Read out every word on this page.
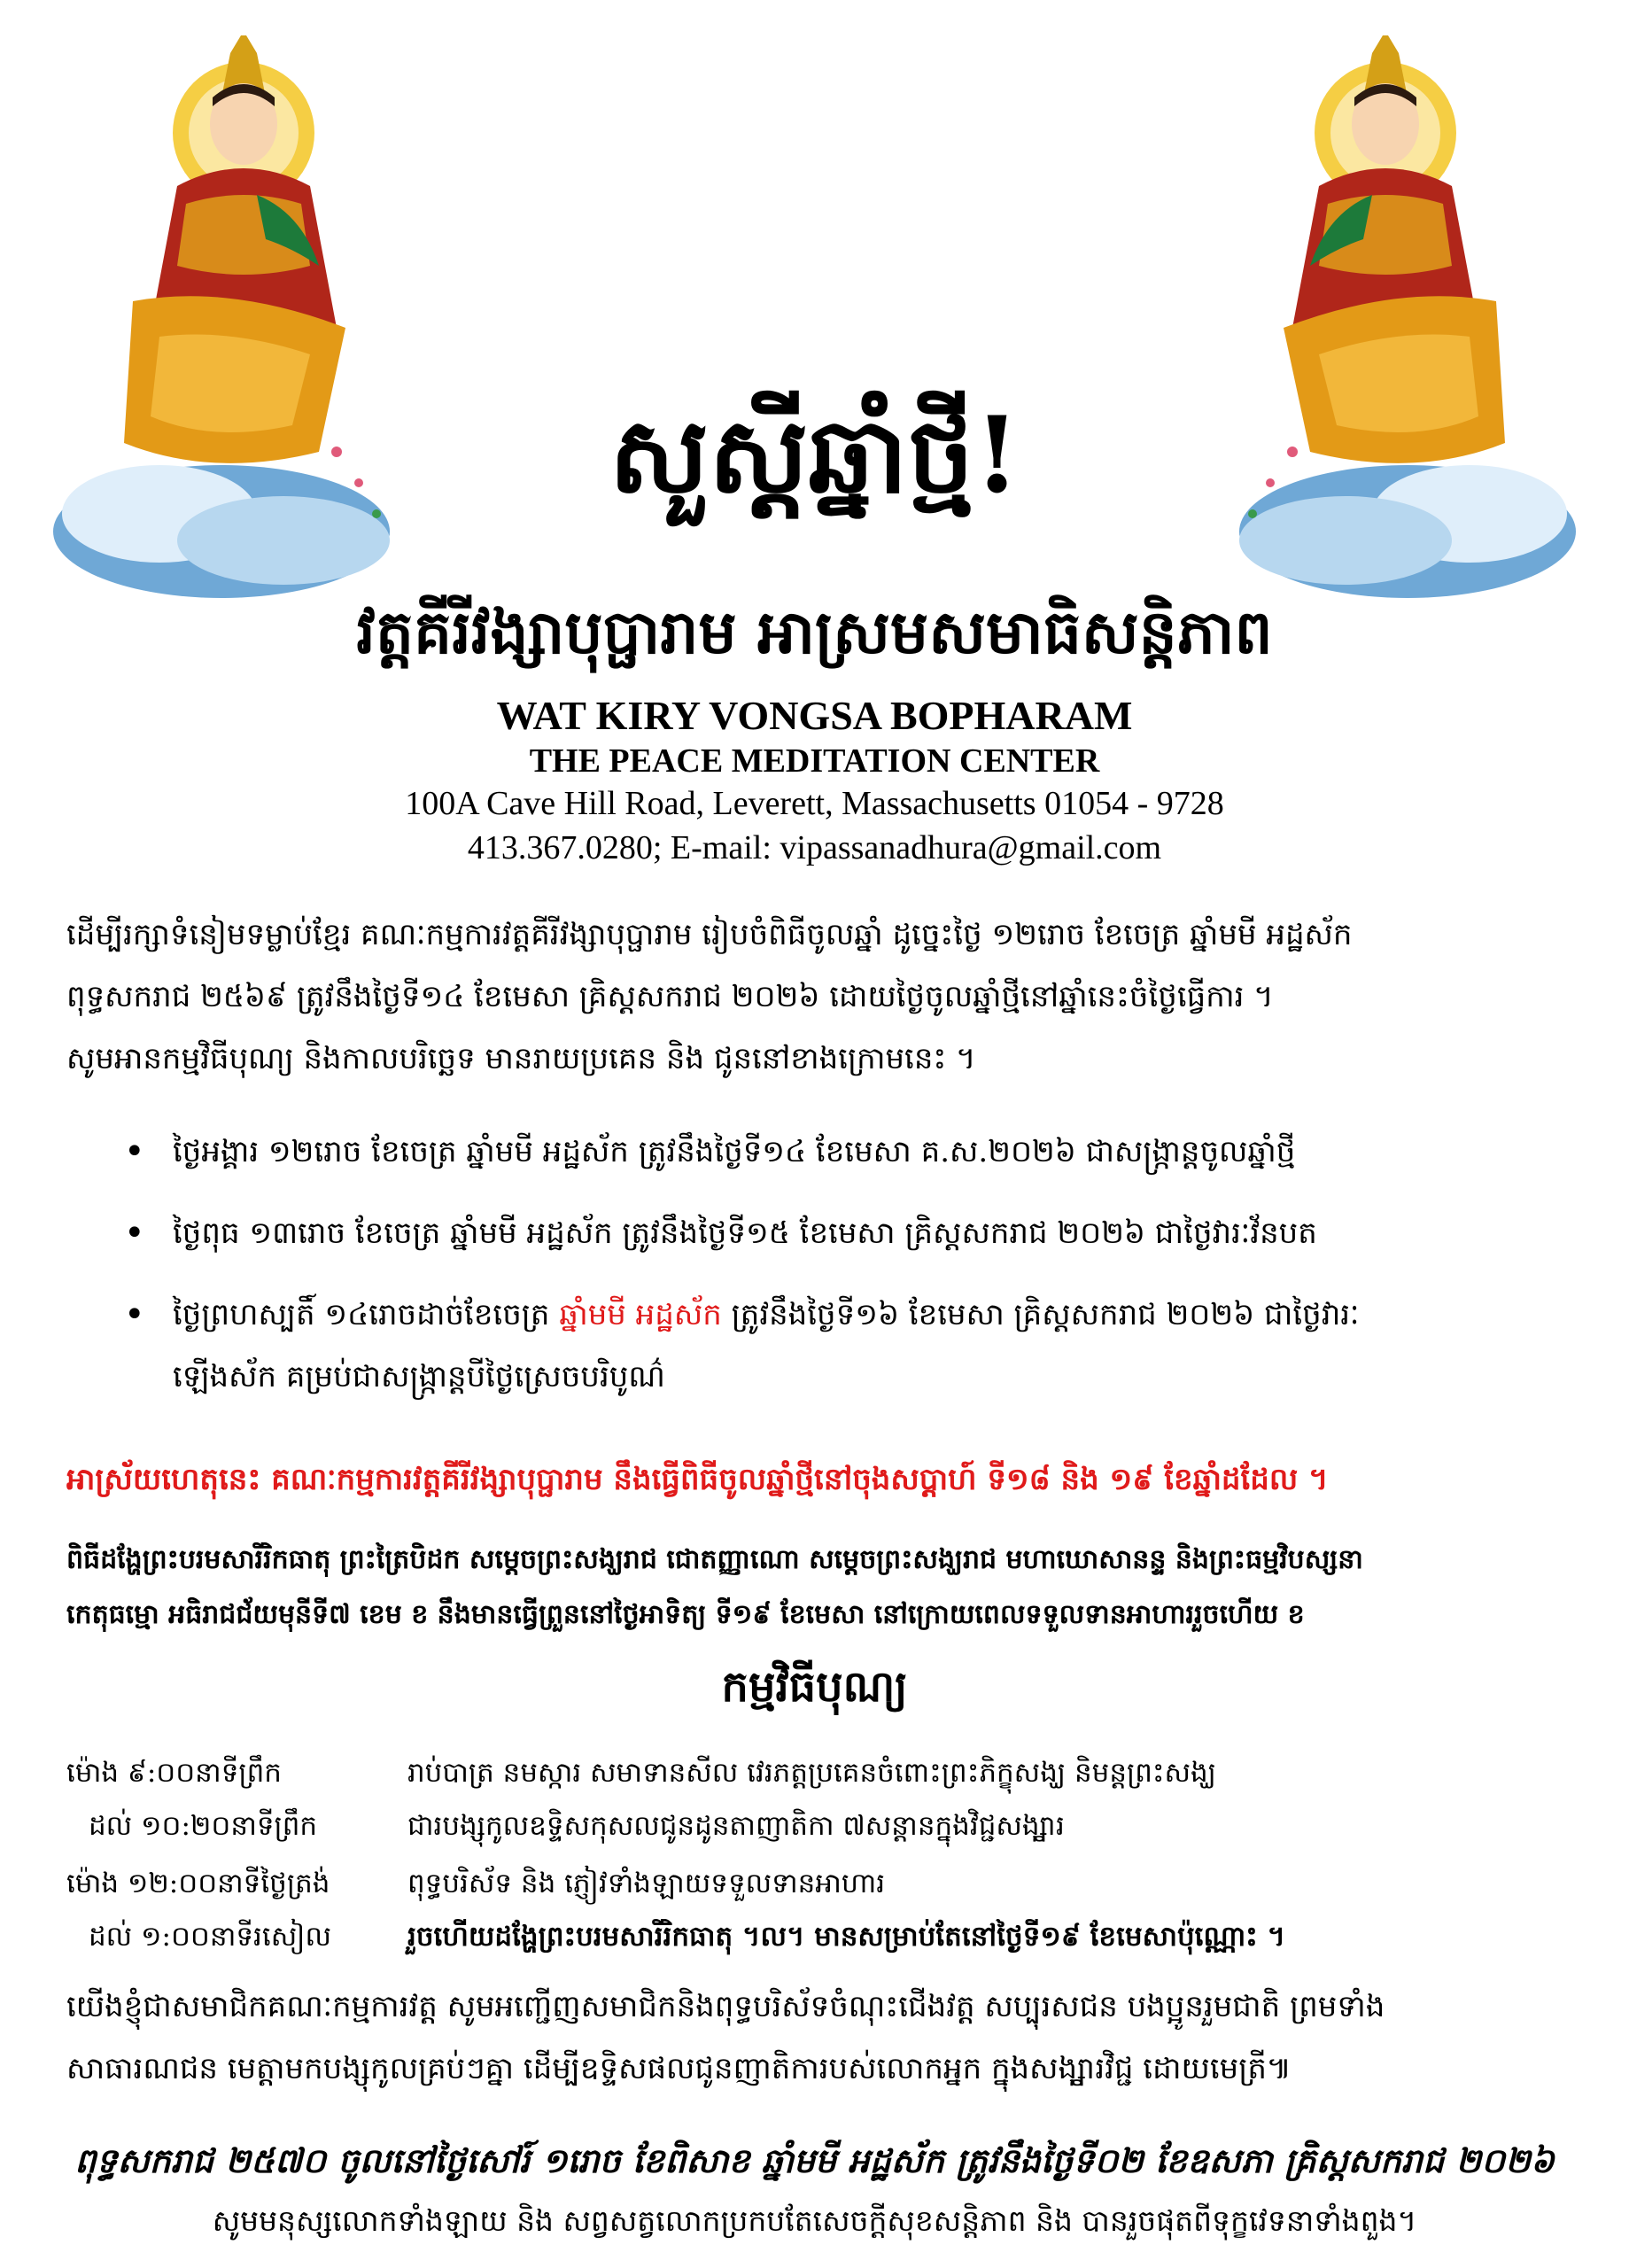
សួស្តីឆ្នាំថ្មី!
វត្តគីរីវង្សាបុប្ផារាម អាស្រមសមាធិសន្តិភាព
WAT KIRY VONGSA BOPHARAM
THE PEACE MEDITATION CENTER
100A Cave Hill Road, Leverett, Massachusetts 01054 - 9728
413.367.0280; E-mail: vipassanadhura@gmail.com
ដើម្បីរក្សាទំនៀមទម្លាប់ខ្មែរ គណៈកម្មការវត្តគីរីវង្សាបុប្ផារាម រៀបចំពិធីចូលឆ្នាំ ដូច្នេះថ្ងៃ ១២រោច ខែចេត្រ ឆ្នាំមមី អដ្ឋស័ក
ពុទ្ធសករាជ ២៥៦៩ ត្រូវនឹងថ្ងៃទី១៤ ខែមេសា គ្រិស្តសករាជ ២០២៦ ដោយថ្ងៃចូលឆ្នាំថ្មីនៅឆ្នាំនេះចំថ្ងៃធ្វើការ ។
សូមអានកម្មវិធីបុណ្យ និងកាលបរិច្ឆេទ មានរាយប្រគេន និង ជូននៅខាងក្រោមនេះ ។
• ថ្ងៃអង្គារ ១២រោច ខែចេត្រ ឆ្នាំមមី អដ្ឋស័ក ត្រូវនឹងថ្ងៃទី១៤ ខែមេសា គ.ស.២០២៦ ជាសង្ក្រាន្តចូលឆ្នាំថ្មី
• ថ្ងៃពុធ ១៣រោច ខែចេត្រ ឆ្នាំមមី អដ្ឋស័ក ត្រូវនឹងថ្ងៃទី១៥ ខែមេសា គ្រិស្តសករាជ ២០២៦ ជាថ្ងៃវារៈវ័នបត
• ថ្ងៃព្រហស្បតិ៍ ១៤រោចដាច់ខែចេត្រ ឆ្នាំមមី អដ្ឋស័ក ត្រូវនឹងថ្ងៃទី១៦ ខែមេសា គ្រិស្តសករាជ ២០២៦ ជាថ្ងៃវារៈ
ឡើងស័ក គម្រប់ជាសង្ក្រាន្តបីថ្ងៃស្រេចបរិបូណ៌
អាស្រ័យហេតុនេះ គណៈកម្មការវត្តគីរីវង្សាបុប្ផារាម នឹងធ្វើពិធីចូលឆ្នាំថ្មីនៅចុងសប្តាហ៍ ទី១៨ និង ១៩ ខែឆ្នាំដដែល ។
ពិធីដង្ហែព្រះបរមសារីរិកធាតុ ព្រះត្រៃបិដក សម្តេចព្រះសង្ឃរាជ ជោតញ្ញាណោ សម្តេចព្រះសង្ឃរាជ មហាឃោសានន្ទ និងព្រះធម្មវិបស្សនា
កេតុធម្មោ អធិរាជជ័យមុនីទី៧ ខេម ខ នឹងមានធ្វើព្រួននៅថ្ងៃអាទិត្យ ទី១៩ ខែមេសា នៅក្រោយពេលទទួលទានអាហាររួចហើយ ខ
កម្មវិធីបុណ្យ
ម៉ោង ៩:០០នាទីព្រឹក	រាប់បាត្រ នមស្ការ សមាទានសីល វេរភត្តប្រគេនចំពោះព្រះភិក្ខុសង្ឃ និមន្តព្រះសង្ឃ
ដល់ ១០:២០នាទីព្រឹក	ជារបង្សុកូលឧទ្ទិសកុសលជូនដូនតាញាតិកា ៧សន្តានក្នុងវិជ្ជសង្ស្ការ
ម៉ោង ១២:០០នាទីថ្ងៃត្រង់	ពុទ្ធបរិស័ទ និង ភ្ញៀវទាំងឡាយទទួលទានអាហារ
ដល់ ១:០០នាទីរសៀល	រួចហើយដង្ហែព្រះបរមសារីរិកធាតុ ។ល។ មានសម្រាប់តែនៅថ្ងៃទី១៩ ខែមេសាប៉ុណ្ណោះ ។
យើងខ្ញុំជាសមាជិកគណៈកម្មការវត្ត សូមអញ្ជើញសមាជិកនិងពុទ្ធបរិស័ទចំណុះជើងវត្ត សប្បុរសជន បងប្អូនរួមជាតិ ព្រមទាំង
សាធារណជន មេត្តាមកបង្សុកូលគ្រប់ៗគ្នា ដើម្បីឧទ្ទិសផលជូនញាតិការបស់លោកអ្នក ក្នុងសង្ស្ការវិជ្ជ ដោយមេត្រី៕
ពុទ្ធសករាជ ២៥៧០ ចូលនៅថ្ងៃសៅរ៍ ១រោច ខែពិសាខ ឆ្នាំមមី អដ្ឋស័ក ត្រូវនឹងថ្ងៃទី០២ ខែឧសភា គ្រិស្តសករាជ ២០២៦
សូមមនុស្សលោកទាំងឡាយ និង សព្វសត្វលោកប្រកបតែសេចក្តីសុខសន្តិភាព និង បានរួចផុតពីទុក្ខវេទនាទាំងពួង។
